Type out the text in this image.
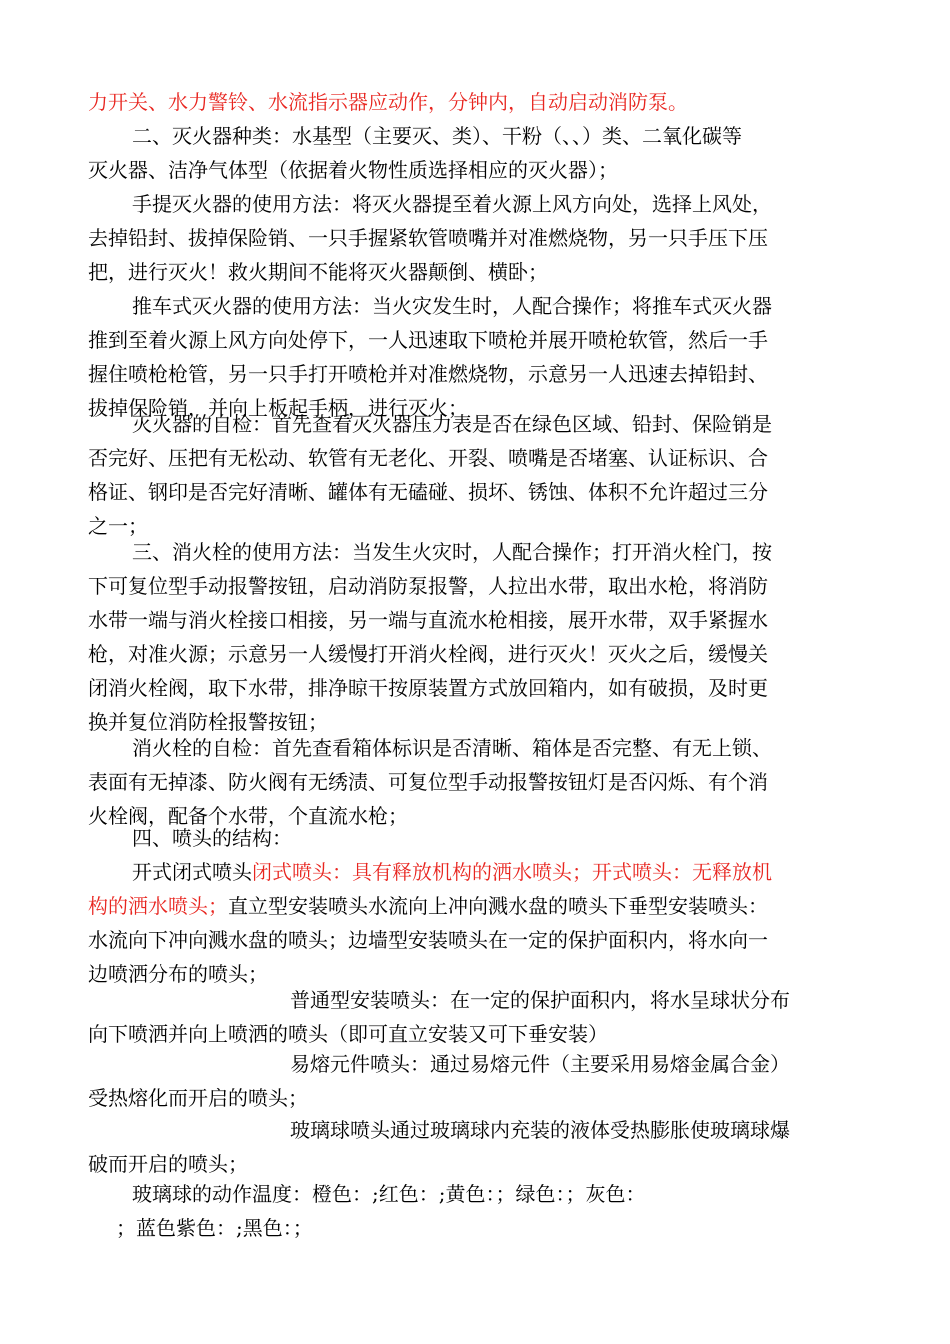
力开关、水力警铃、水流指示器应动作，分钟内，自动启动消防泵。

二、灭火器种类：水基型（主要灭、类）、干粉（、、）类、二氧化碳等
灭火器、洁净气体型（依据着火物性质选择相应的灭火器）；

手提灭火器的使用方法：将灭火器提至着火源上风方向处，选择上风处，
去掉铅封、拔掉保险销、一只手握紧软管喷嘴并对准燃烧物，另一只手压下压
把，进行灭火！救火期间不能将灭火器颠倒、横卧；

推车式灭火器的使用方法：当火灾发生时，人配合操作；将推车式灭火器
推到至着火源上风方向处停下，一人迅速取下喷枪并展开喷枪软管，然后一手
握住喷枪枪管，另一只手打开喷枪并对准燃烧物，示意另一人迅速去掉铅封、
拔掉保险销，并向上板起手柄，进行灭火；

灭火器的自检：首先查看灭火器压力表是否在绿色区域、铅封、保险销是
否完好、压把有无松动、软管有无老化、开裂、喷嘴是否堵塞、认证标识、合
格证、钢印是否完好清晰、罐体有无磕碰、损坏、锈蚀、体积不允许超过三分
之一；

三、消火栓的使用方法：当发生火灾时，人配合操作；打开消火栓门，按
下可复位型手动报警按钮，启动消防泵报警，人拉出水带，取出水枪，将消防
水带一端与消火栓接口相接，另一端与直流水枪相接，展开水带，双手紧握水
枪，对准火源；示意另一人缓慢打开消火栓阀，进行灭火！灭火之后，缓慢关
闭消火栓阀，取下水带，排净晾干按原装置方式放回箱内，如有破损，及时更
换并复位消防栓报警按钮；

消火栓的自检：首先查看箱体标识是否清晰、箱体是否完整、有无上锁、
表面有无掉漆、防火阀有无绣渍、可复位型手动报警按钮灯是否闪烁、有个消
火栓阀，配备个水带，个直流水枪；

四、喷头的结构：

开式闭式喷头闭式喷头：具有释放机构的洒水喷头；开式喷头：无释放机
构的洒水喷头；直立型安装喷头水流向上冲向溅水盘的喷头下垂型安装喷头：
水流向下冲向溅水盘的喷头；边墙型安装喷头在一定的保护面积内，将水向一
边喷洒分布的喷头；

普通型安装喷头：在一定的保护面积内，将水呈球状分布
向下喷洒并向上喷洒的喷头（即可直立安装又可下垂安装）

易熔元件喷头：通过易熔元件（主要采用易熔金属合金）
受热熔化而开启的喷头；

玻璃球喷头通过玻璃球内充装的液体受热膨胀使玻璃球爆
破而开启的喷头；

玻璃球的动作温度：橙色：;红色：;黄色：；绿色：；灰色：
；蓝色紫色：;黑色：；
